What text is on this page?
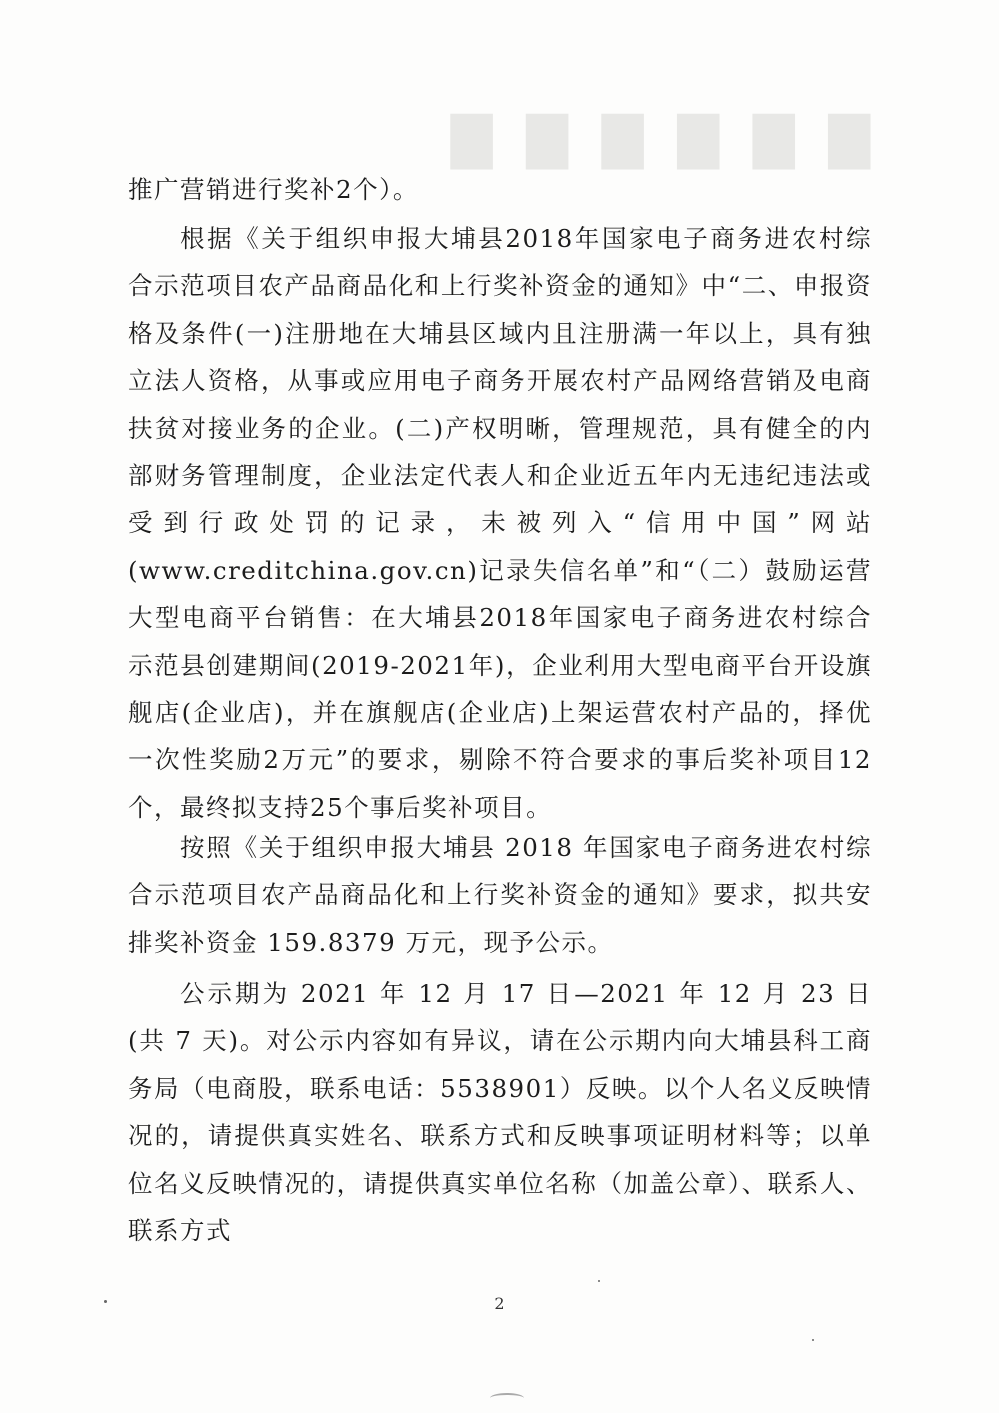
▇▇▇▇▇▇

推广营销进行奖补2个）。

根据《关于组织申报大埔县2018年国家电子商务进农村综合示范项目农产品商品化和上行奖补资金的通知》中“二、申报资格及条件(一)注册地在大埔县区域内且注册满一年以上，具有独立法人资格，从事或应用电子商务开展农村产品网络营销及电商扶贫对接业务的企业。(二)产权明晰，管理规范，具有健全的内部财务管理制度，企业法定代表人和企业近五年内无违纪违法或受到行政处罚的记录，未被列入“信用中国”网站(www.creditchina.gov.cn)记录失信名单”和“（二）鼓励运营大型电商平台销售：在大埔县2018年国家电子商务进农村综合示范县创建期间(2019-2021年)，企业利用大型电商平台开设旗舰店(企业店)，并在旗舰店(企业店)上架运营农村产品的，择优一次性奖励2万元”的要求，剔除不符合要求的事后奖补项目12个，最终拟支持25个事后奖补项目。

按照《关于组织申报大埔县 2018 年国家电子商务进农村综合示范项目农产品商品化和上行奖补资金的通知》要求，拟共安排奖补资金 159.8379 万元，现予公示。

公示期为 2021 年 12 月 17 日—2021 年 12 月 23 日(共 7 天)。对公示内容如有异议，请在公示期内向大埔县科工商务局（电商股，联系电话：5538901）反映。以个人名义反映情况的，请提供真实姓名、联系方式和反映事项证明材料等；以单位名义反映情况的，请提供真实单位名称（加盖公章）、联系人、联系方式

2
